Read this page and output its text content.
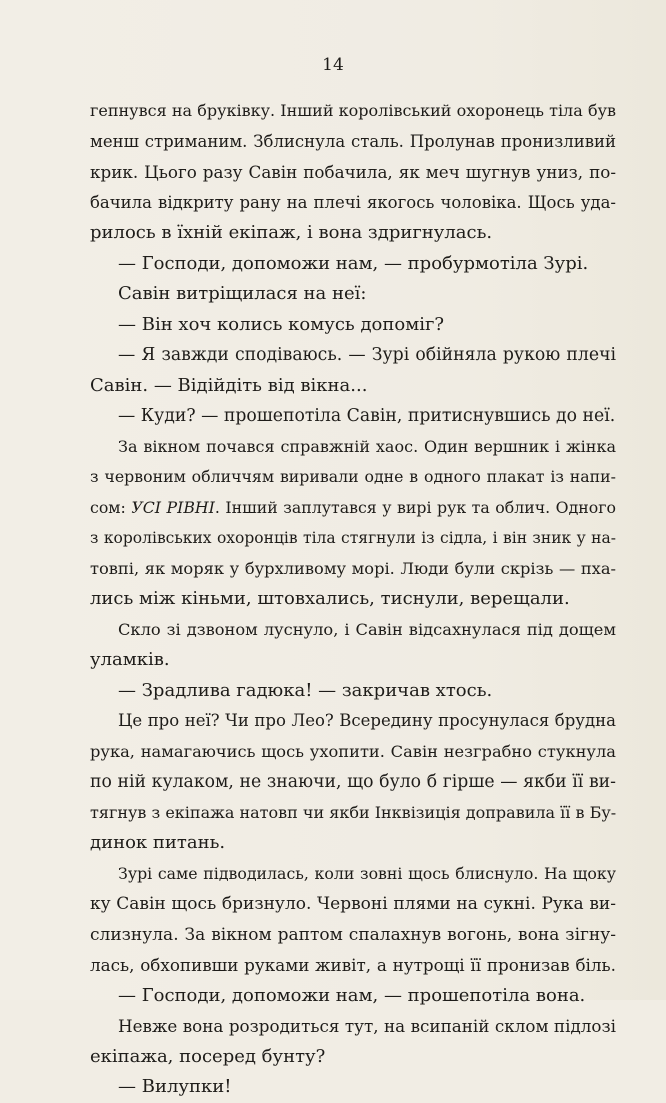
14
гепнувся на бруківку. Інший королівський охоронець тіла був
менш стриманим. Зблиснула сталь. Пролунав пронизливий
крик. Цього разу Савін побачила, як меч шугнув униз, по-
бачила відкриту рану на плечі якогось чоловіка. Щось уда-
рилось в їхній екіпаж, і вона здригнулась.
— Господи, допоможи нам, — пробурмотіла Зурі.
Савін витріщилася на неї:
— Він хоч колись комусь допоміг?
— Я завжди сподіваюсь. — Зурі обійняла рукою плечі
Савін. — Відійдіть від вікна...
— Куди? — прошепотіла Савін, притиснувшись до неї.
За вікном почався справжній хаос. Один вершник і жінка
з червоним обличчям виривали одне в одного плакат із напи-
сом: УСІ РІВНІ. Інший заплутався у вирі рук та облич. Одного
з королівських охоронців тіла стягнули із сідла, і він зник у на-
товпі, як моряк у бурхливому морі. Люди були скрізь — пха-
лись між кіньми, штовхались, тиснули, верещали.
Скло зі дзвоном луснуло, і Савін відсахнулася під дощем
уламків.
— Зрадлива гадюка! — закричав хтось.
Це про неї? Чи про Лео? Всередину просунулася брудна
рука, намагаючись щось ухопити. Савін незграбно стукнула
по ній кулаком, не знаючи, що було б гірше — якби її ви-
тягнув з екіпажа натовп чи якби Інквізиція доправила її в Бу-
динок питань.
Зурі саме підводилась, коли зовні щось блиснуло. На щоку
ку Савін щось бризнуло. Червоні плями на сукні. Рука ви-
слизнула. За вікном раптом спалахнув вогонь, вона зігну-
лась, обхопивши руками живіт, а нутрощі її пронизав біль.
— Господи, допоможи нам, — прошепотіла вона.
Невже вона розродиться тут, на всипаній склом підлозі
екіпажа, посеред бунту?
— Вилупки!
